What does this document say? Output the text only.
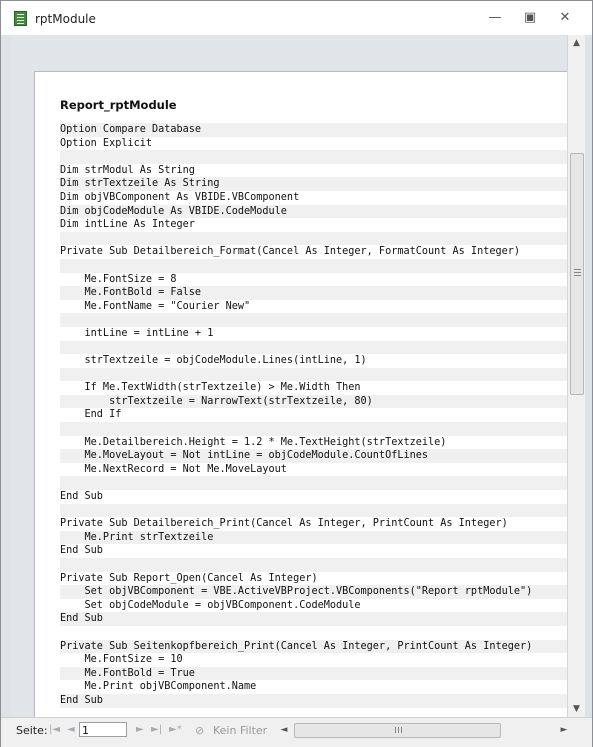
rptModule	—	▣	✕
Report_rptModule
Option Compare Database
Option Explicit
Dim strModul As String
Dim strTextzeile As String
Dim objVBComponent As VBIDE.VBComponent
Dim objCodeModule As VBIDE.CodeModule
Dim intLine As Integer
Private Sub Detailbereich_Format(Cancel As Integer, FormatCount As Integer)
Me.FontSize = 8
Me.FontBold = False
Me.FontName = "Courier New"
intLine = intLine + 1
strTextzeile = objCodeModule.Lines(intLine, 1)
If Me.TextWidth(strTextzeile) > Me.Width Then
strTextzeile = NarrowText(strTextzeile, 80)
End If
Me.Detailbereich.Height = 1.2 * Me.TextHeight(strTextzeile)
Me.MoveLayout = Not intLine = objCodeModule.CountOfLines
Me.NextRecord = Not Me.MoveLayout
End Sub
Private Sub Detailbereich_Print(Cancel As Integer, PrintCount As Integer)
Me.Print strTextzeile
End Sub
Private Sub Report_Open(Cancel As Integer)
Set objVBComponent = VBE.ActiveVBProject.VBComponents("Report rptModule")
Set objCodeModule = objVBComponent.CodeModule
End Sub
Private Sub Seitenkopfbereich_Print(Cancel As Integer, PrintCount As Integer)
Me.FontSize = 10
Me.FontBold = True
Me.Print objVBComponent.Name
End Sub
▲
▼
Seite: |◄ ◄ 1	► ►| ►* ⊘ Kein Filter	◄	►
